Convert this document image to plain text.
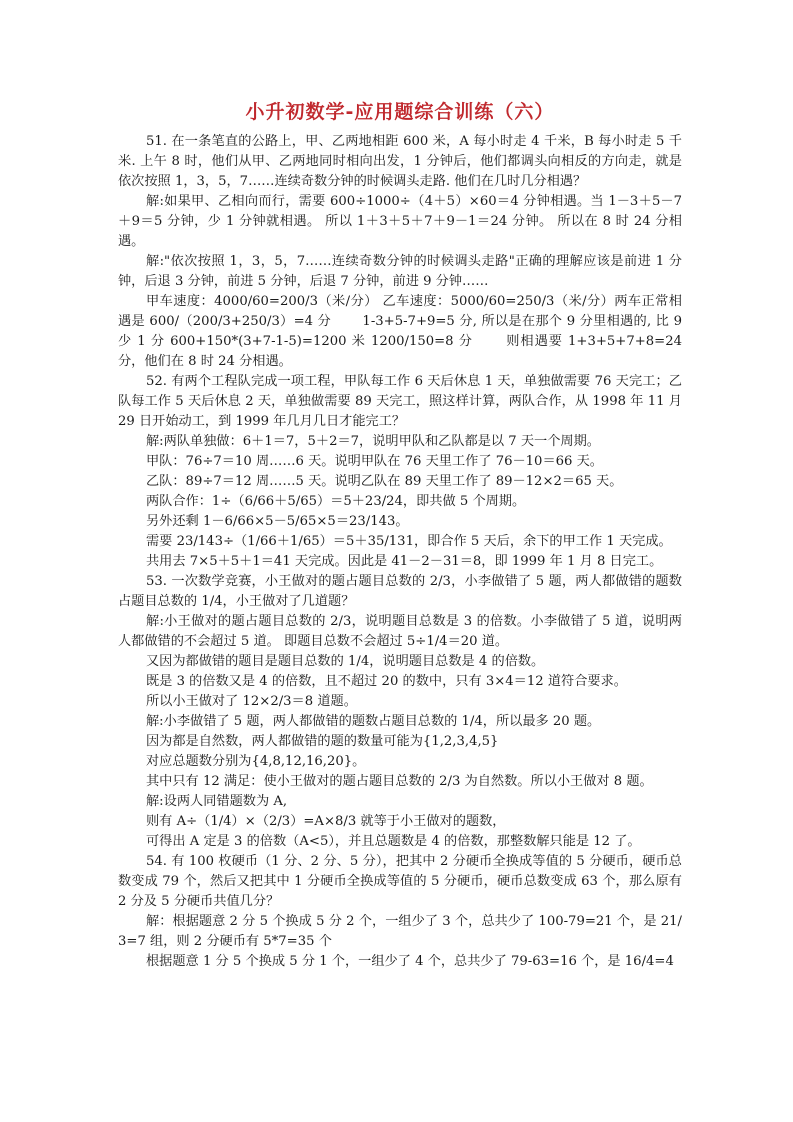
小升初数学-应用题综合训练（六）

51. 在一条笔直的公路上，甲、乙两地相距 600 米，A 每小时走 4 千米，B 每小时走 5 千米. 上午 8 时，他们从甲、乙两地同时相向出发，1 分钟后，他们都调头向相反的方向走，就是依次按照 1，3，5，7……连续奇数分钟的时候调头走路. 他们在几时几分相遇？

解:如果甲、乙相向而行，需要 600÷1000÷（4＋5）×60＝4 分钟相遇。当 1－3＋5－7＋9＝5 分钟，少 1 分钟就相遇。 所以 1＋3＋5＋7＋9－1＝24 分钟。 所以在 8 时 24 分相遇。

解:"依次按照 1，3，5，7……连续奇数分钟的时候调头走路"正确的理解应该是前进 1 分钟，后退 3 分钟，前进 5 分钟，后退 7 分钟，前进 9 分钟……

甲车速度：4000/60=200/3（米/分） 乙车速度：5000/60=250/3（米/分）两车正常相遇是 600/（200/3+250/3）=4 分　　 1-3+5-7+9=5 分, 所以是在那个 9 分里相遇的, 比 9 少 1 分 600+150*(3+7-1-5)=1200 米 1200/150=8 分　　 则相遇要 1+3+5+7+8=24 分，他们在 8 时 24 分相遇。

52. 有两个工程队完成一项工程，甲队每工作 6 天后休息 1 天，单独做需要 76 天完工；乙队每工作 5 天后休息 2 天，单独做需要 89 天完工，照这样计算，两队合作，从 1998 年 11 月 29 日开始动工，到 1999 年几月几日才能完工？

解:两队单独做：6＋1＝7，5＋2＝7，说明甲队和乙队都是以 7 天一个周期。

甲队：76÷7＝10 周……6 天。说明甲队在 76 天里工作了 76－10＝66 天。

乙队：89÷7＝12 周……5 天。说明乙队在 89 天里工作了 89－12×2＝65 天。

两队合作：1÷（6/66＋5/65）＝5＋23/24，即共做 5 个周期。

另外还剩 1－6/66×5－5/65×5＝23/143。

需要 23/143÷（1/66＋1/65）＝5＋35/131，即合作 5 天后，余下的甲工作 1 天完成。

共用去 7×5＋5＋1＝41 天完成。因此是 41－2－31＝8，即 1999 年 1 月 8 日完工。

53. 一次数学竞赛，小王做对的题占题目总数的 2/3，小李做错了 5 题，两人都做错的题数占题目总数的 1/4，小王做对了几道题？

解:小王做对的题占题目总数的 2/3，说明题目总数是 3 的倍数。小李做错了 5 道，说明两人都做错的不会超过 5 道。 即题目总数不会超过 5÷1/4＝20 道。

又因为都做错的题目是题目总数的 1/4，说明题目总数是 4 的倍数。

既是 3 的倍数又是 4 的倍数，且不超过 20 的数中，只有 3×4＝12 道符合要求。

所以小王做对了 12×2/3＝8 道题。

解:小李做错了 5 题，两人都做错的题数占题目总数的 1/4，所以最多 20 题。

因为都是自然数，两人都做错的题的数量可能为{1,2,3,4,5}

对应总题数分别为{4,8,12,16,20}。

其中只有 12 满足：使小王做对的题占题目总数的 2/3 为自然数。所以小王做对 8 题。

解:设两人同错题数为 A,

则有 A÷（1/4）×（2/3）=A×8/3 就等于小王做对的题数，

可得出 A 定是 3 的倍数（A<5），并且总题数是 4 的倍数，那整数解只能是 12 了。

54. 有 100 枚硬币（1 分、2 分、5 分），把其中 2 分硬币全换成等值的 5 分硬币，硬币总数变成 79 个，然后又把其中 1 分硬币全换成等值的 5 分硬币，硬币总数变成 63 个，那么原有 2 分及 5 分硬币共值几分？

解：根据题意 2 分 5 个换成 5 分 2 个，一组少了 3 个，总共少了 100-79=21 个，是 21/3=7 组，则 2 分硬币有 5*7=35 个

根据题意 1 分 5 个换成 5 分 1 个，一组少了 4 个，总共少了 79-63=16 个，是 16/4=4
